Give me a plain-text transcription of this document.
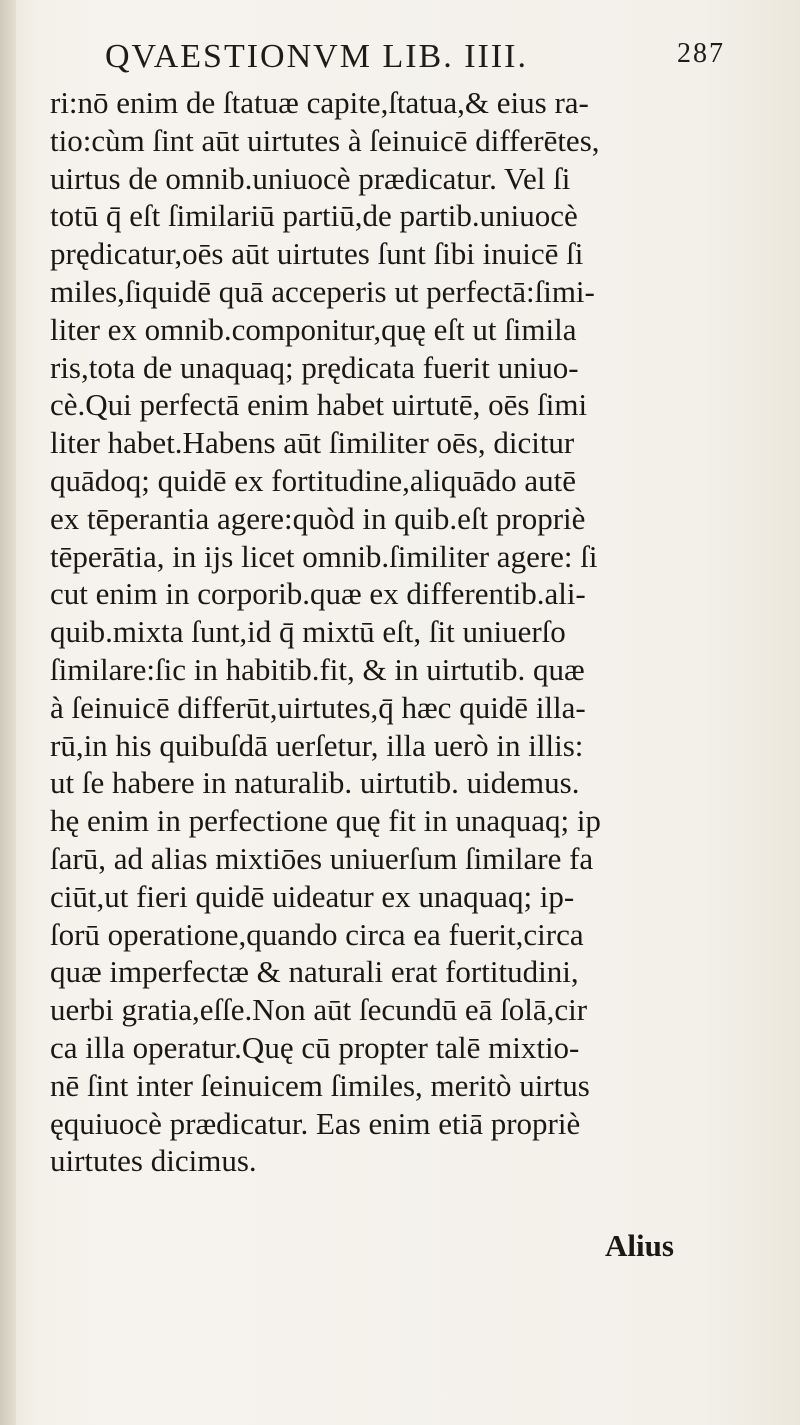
QVAESTIONVM LIB. IIII.	287
ri:nō enim de ſtatuæ capite,ſtatua,& eius ra-
tio:cùm ſint aūt uirtutes à ſeinuicē differētes,
uirtus de omnib.uniuocè prædicatur. Vel ſi
totū q̄ eſt ſimilariū partiū,de partib.uniuocè
prędicatur,oēs aūt uirtutes ſunt ſibi inuicē ſi
miles,ſiquidē quā acceperis ut perfectā:ſimi-
liter ex omnib.componitur,quę eſt ut ſimila
ris,tota de unaquaq; prędicata fuerit uniuo-
cè.Qui perfectā enim habet uirtutē, oēs ſimi
liter habet.Habens aūt ſimiliter oēs, dicitur
quādoq; quidē ex fortitudine,aliquādo autē
ex tēperantia agere:quòd in quib.eſt propriè
tēperātia, in ijs licet omnib.ſimiliter agere: ſi
cut enim in corporib.quæ ex differentib.ali-
quib.mixta ſunt,id q̄ mixtū eſt, ſit uniuerſo
ſimilare:ſic in habitib.fit, & in uirtutib. quæ
à ſeinuicē differūt,uirtutes,q̄ hæc quidē illa-
rū,in his quibuſdā uerſetur, illa uerò in illis:
ut ſe habere in naturalib. uirtutib. uidemus.
hę enim in perfectione quę fit in unaquaq; ip
ſarū, ad alias mixtiōes uniuerſum ſimilare fa
ciūt,ut fieri quidē uideatur ex unaquaq; ip-
ſorū operatione,quando circa ea fuerit,circa
quæ imperfectæ & naturali erat fortitudini,
uerbi gratia,eſſe.Non aūt ſecundū eā ſolā,cir
ca illa operatur.Quę cū propter talē mixtio-
nē ſint inter ſeinuicem ſimiles, meritò uirtus
ęquiuocè prædicatur. Eas enim etiā propriè
uirtutes dicimus.
Alius
